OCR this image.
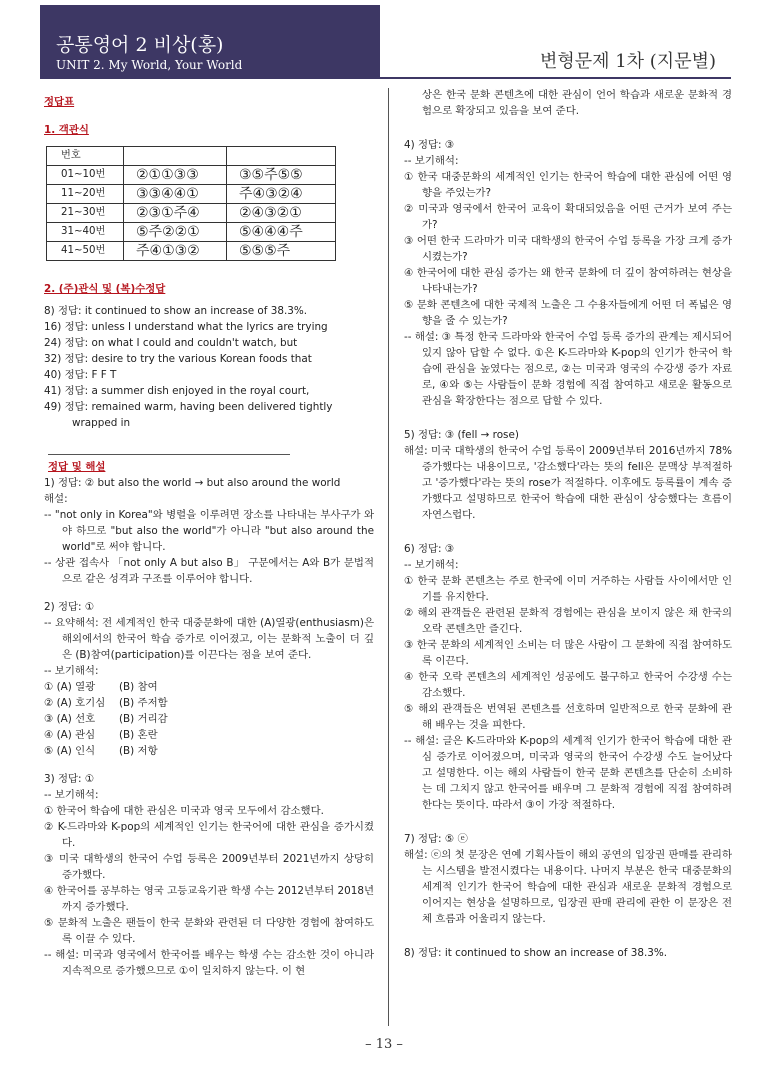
공통영어 2 비상(홍)
UNIT 2. My World, Your World	변형문제 1차 (지문별)

정답표

1. 객관식

번호		
01~10번	②①①③③	③⑤주⑤⑤
11~20번	③③④④①	주④③②④
21~30번	②③①주④	②④③②①
31~40번	⑤주②②①	⑤④④④주
41~50번	주④①③②	⑤⑤⑤주

2. (주)관식 및 (복)수정답

8) 정답: it continued to show an increase of 38.3%.

16) 정답: unless I understand what the lyrics are trying

24) 정답: on what I could and couldn't watch, but

32) 정답: desire to try the various Korean foods that

40) 정답: F F T

41) 정답: a summer dish enjoyed in the royal court,

49) 정답: remained warm, having been delivered tightly wrapped in

정답 및 해설

1) 정답: ② but also the world → but also around the world

해설:

-- "not only in Korea"와 병렬을 이루려면 장소를 나타내는 부사구가 와야 하므로 "but also the world"가 아니라 "but also around the world"로 써야 합니다.

-- 상관 접속사 「not only A but also B」 구문에서는 A와 B가 문법적으로 같은 성격과 구조를 이루어야 합니다.

2) 정답: ①

-- 요약해석: 전 세계적인 한국 대중문화에 대한 (A)열광(enthusiasm)은 해외에서의 한국어 학습 증가로 이어졌고, 이는 문화적 노출이 더 깊은 (B)참여(participation)를 이끈다는 점을 보여 준다.

-- 보기해석:

① (A) 열광	(B) 참여
② (A) 호기심	(B) 주저함
③ (A) 선호	(B) 거리감
④ (A) 관심	(B) 혼란
⑤ (A) 인식	(B) 저항

3) 정답: ①

-- 보기해석:

① 한국어 학습에 대한 관심은 미국과 영국 모두에서 감소했다.

② K-드라마와 K-pop의 세계적인 인기는 한국어에 대한 관심을 증가시켰다.

③ 미국 대학생의 한국어 수업 등록은 2009년부터 2021년까지 상당히 증가했다.

④ 한국어를 공부하는 영국 고등교육기관 학생 수는 2012년부터 2018년까지 증가했다.

⑤ 문화적 노출은 팬들이 한국 문화와 관련된 더 다양한 경험에 참여하도록 이끌 수 있다.

-- 해설: 미국과 영국에서 한국어를 배우는 학생 수는 감소한 것이 아니라 지속적으로 증가했으므로 ①이 일치하지 않는다. 이 현

상은 한국 문화 콘텐츠에 대한 관심이 언어 학습과 새로운 문화적 경험으로 확장되고 있음을 보여 준다.

4) 정답: ③

-- 보기해석:

① 한국 대중문화의 세계적인 인기는 한국어 학습에 대한 관심에 어떤 영향을 주었는가?

② 미국과 영국에서 한국어 교육이 확대되었음을 어떤 근거가 보여 주는가?

③ 어떤 한국 드라마가 미국 대학생의 한국어 수업 등록을 가장 크게 증가시켰는가?

④ 한국어에 대한 관심 증가는 왜 한국 문화에 더 깊이 참여하려는 현상을 나타내는가?

⑤ 문화 콘텐츠에 대한 국제적 노출은 그 수용자들에게 어떤 더 폭넓은 영향을 줄 수 있는가?

-- 해설: ③ 특정 한국 드라마와 한국어 수업 등록 증가의 관계는 제시되어 있지 않아 답할 수 없다. ①은 K-드라마와 K-pop의 인기가 한국어 학습에 관심을 높였다는 점으로, ②는 미국과 영국의 수강생 증가 자료로, ④와 ⑤는 사람들이 문화 경험에 직접 참여하고 새로운 활동으로 관심을 확장한다는 점으로 답할 수 있다.

5) 정답: ③ (fell → rose)

해설: 미국 대학생의 한국어 수업 등록이 2009년부터 2016년까지 78% 증가했다는 내용이므로, '감소했다'라는 뜻의 fell은 문맥상 부적절하고 '증가했다'라는 뜻의 rose가 적절하다. 이후에도 등록률이 계속 증가했다고 설명하므로 한국어 학습에 대한 관심이 상승했다는 흐름이 자연스럽다.

6) 정답: ③

-- 보기해석:

① 한국 문화 콘텐츠는 주로 한국에 이미 거주하는 사람들 사이에서만 인기를 유지한다.

② 해외 관객들은 관련된 문화적 경험에는 관심을 보이지 않은 채 한국의 오락 콘텐츠만 즐긴다.

③ 한국 문화의 세계적인 소비는 더 많은 사람이 그 문화에 직접 참여하도록 이끈다.

④ 한국 오락 콘텐츠의 세계적인 성공에도 불구하고 한국어 수강생 수는 감소했다.

⑤ 해외 관객들은 번역된 콘텐츠를 선호하며 일반적으로 한국 문화에 관해 배우는 것을 피한다.

-- 해설: 글은 K-드라마와 K-pop의 세계적 인기가 한국어 학습에 대한 관심 증가로 이어졌으며, 미국과 영국의 한국어 수강생 수도 늘어났다고 설명한다. 이는 해외 사람들이 한국 문화 콘텐츠를 단순히 소비하는 데 그치지 않고 한국어를 배우며 그 문화적 경험에 직접 참여하려 한다는 뜻이다. 따라서 ③이 가장 적절하다.

7) 정답: ⑤ ⓔ

해설: ⓔ의 첫 문장은 연예 기획사들이 해외 공연의 입장권 판매를 관리하는 시스템을 발전시켰다는 내용이다. 나머지 부분은 한국 대중문화의 세계적 인기가 한국어 학습에 대한 관심과 새로운 문화적 경험으로 이어지는 현상을 설명하므로, 입장권 판매 관리에 관한 이 문장은 전체 흐름과 어울리지 않는다.

8) 정답: it continued to show an increase of 38.3%.

– 13 –
